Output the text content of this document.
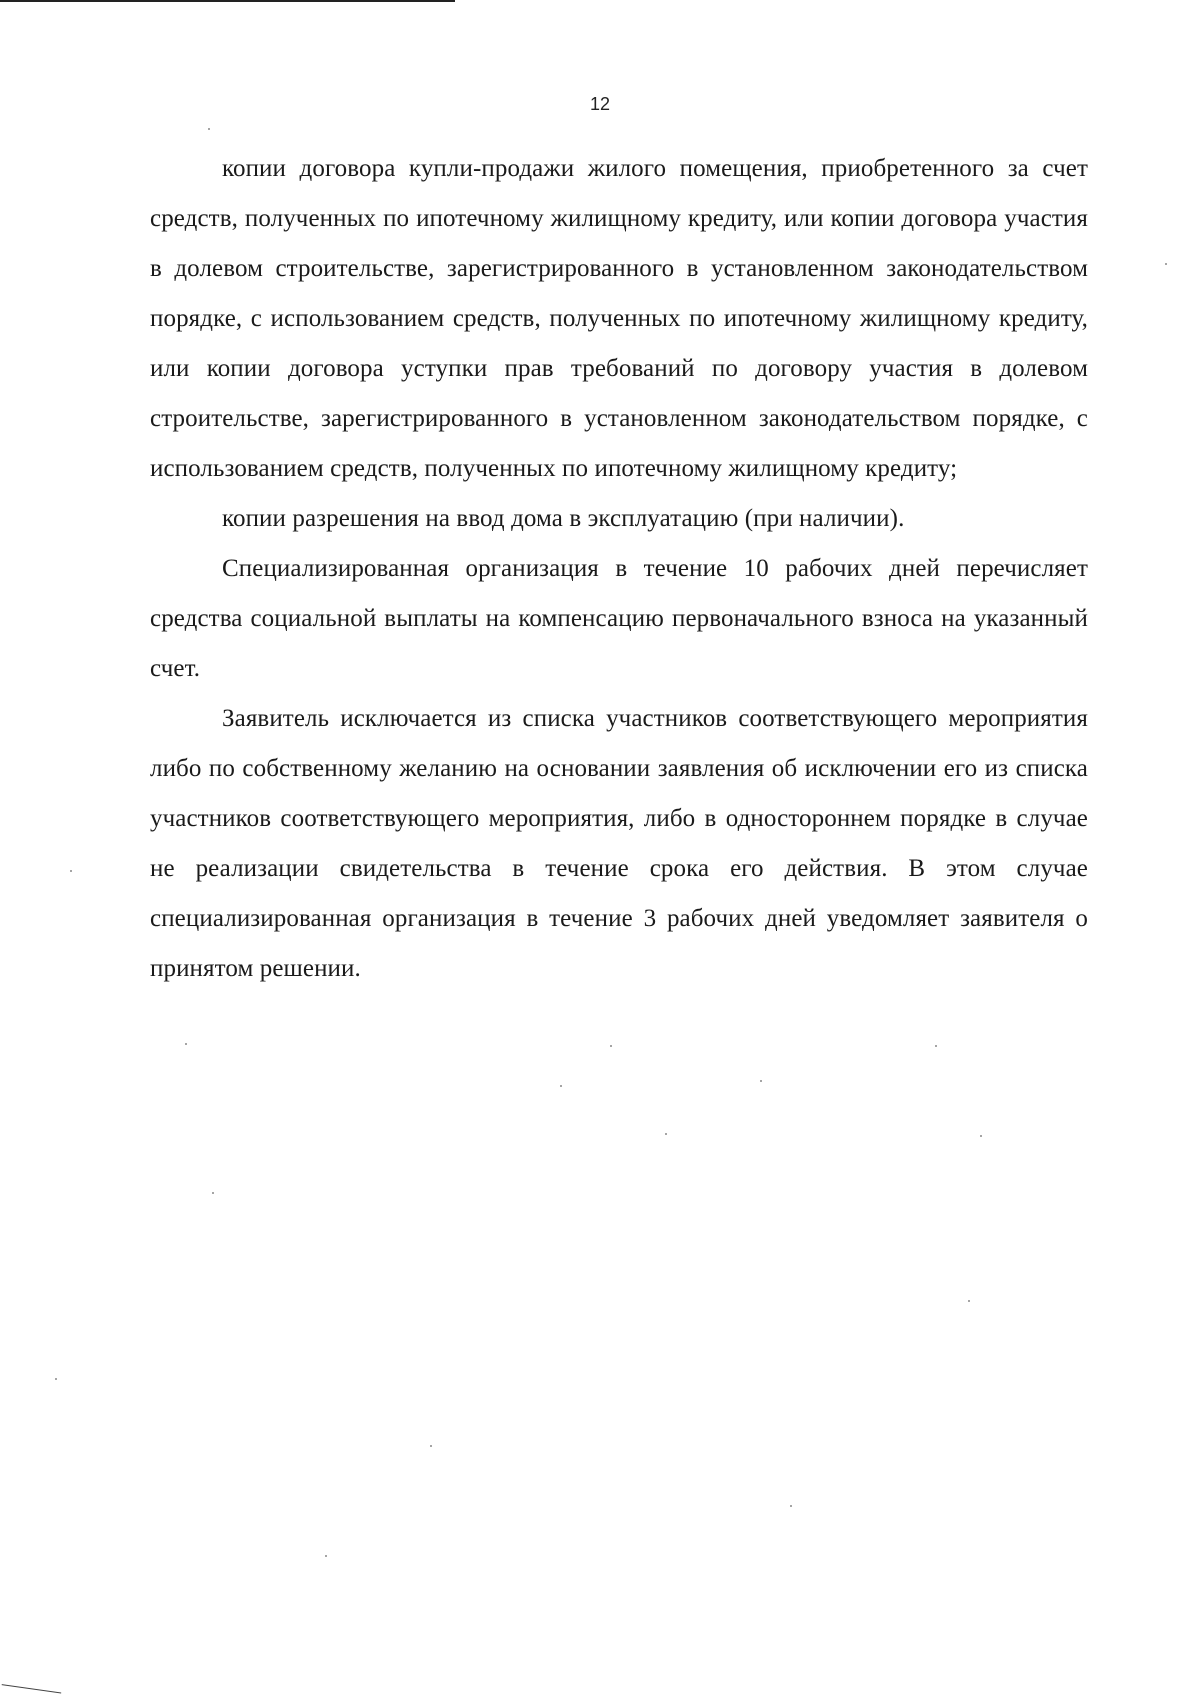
12

копии договора купли-продажи жилого помещения, приобретенного за счет средств, полученных по ипотечному жилищному кредиту, или копии договора участия в долевом строительстве, зарегистрированного в установленном законодательством порядке, с использованием средств, полученных по ипотечному жилищному кредиту, или копии договора уступки прав требований по договору участия в долевом строительстве, зарегистрированного в установленном законодательством порядке, с использованием средств, полученных по ипотечному жилищному кредиту;

копии разрешения на ввод дома в эксплуатацию (при наличии).

Специализированная организация в течение 10 рабочих дней перечисляет средства социальной выплаты на компенсацию первоначального взноса на указанный счет.

Заявитель исключается из списка участников соответствующего мероприятия либо по собственному желанию на основании заявления об исключении его из списка участников соответствующего мероприятия, либо в одностороннем порядке в случае не реализации свидетельства в течение срока его действия. В этом случае специализированная организация в течение 3 рабочих дней уведомляет заявителя о принятом решении.
